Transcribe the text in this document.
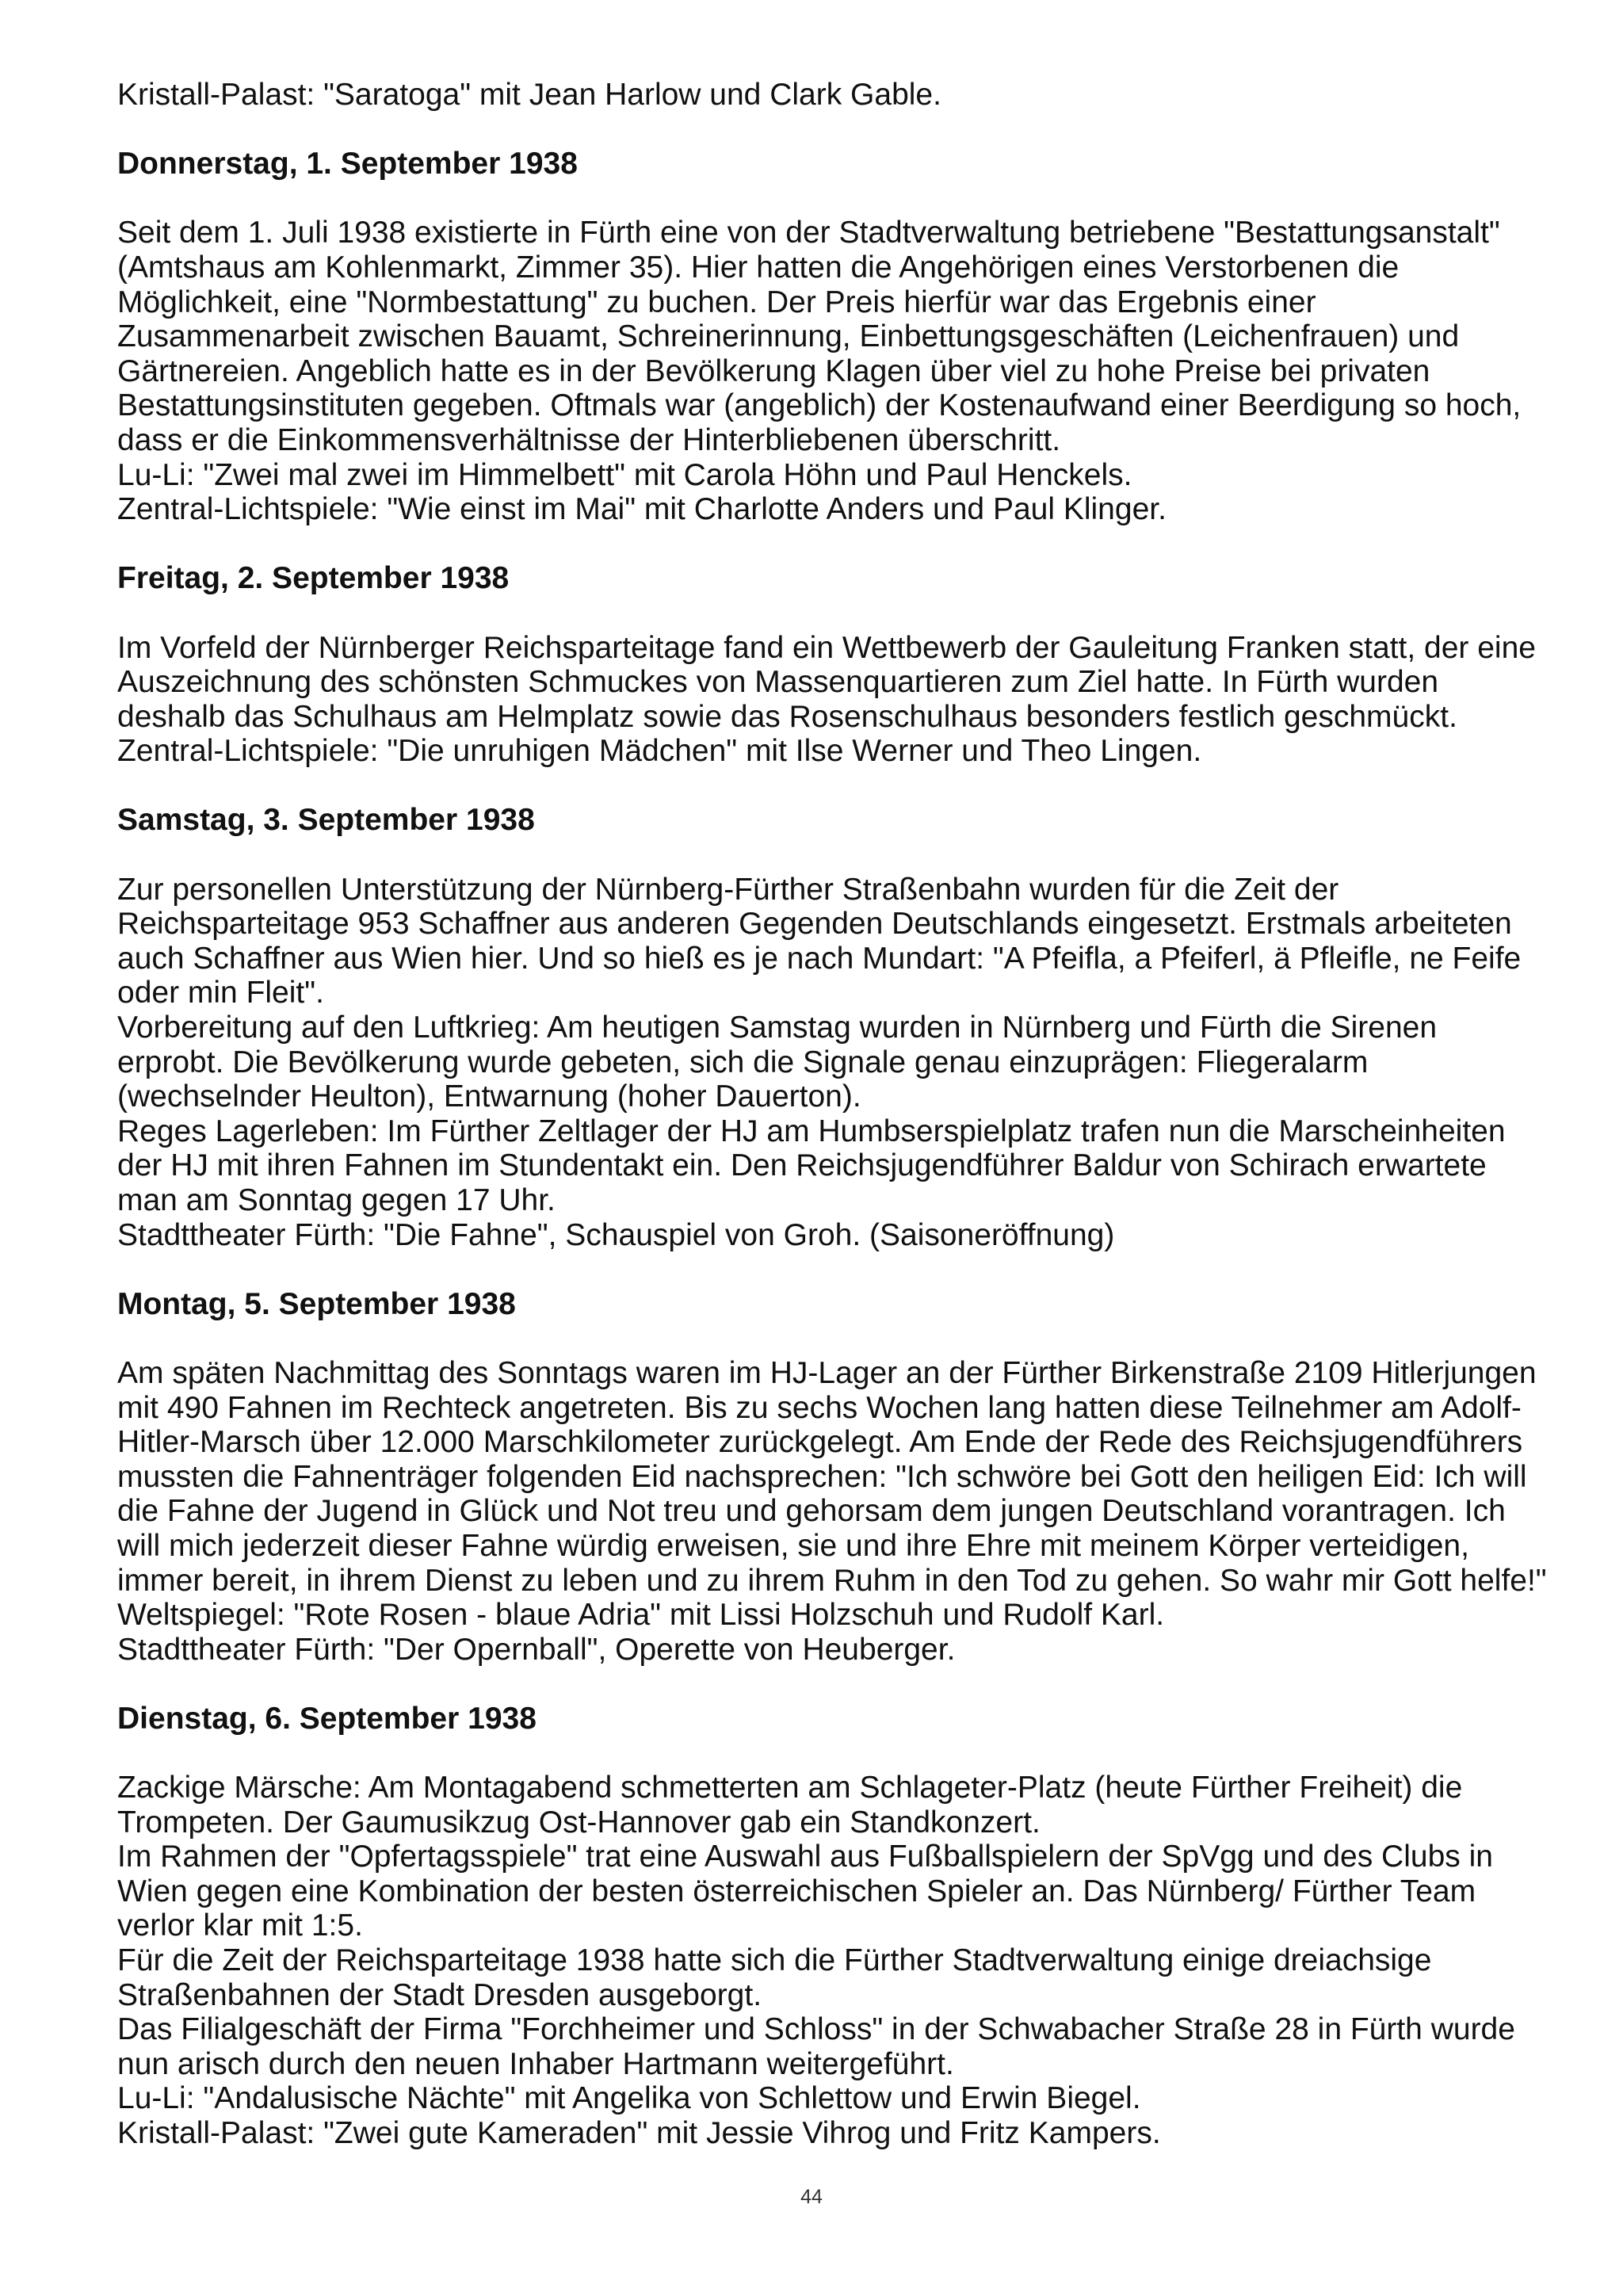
Kristall-Palast: "Saratoga" mit Jean Harlow und Clark Gable.

Donnerstag, 1. September 1938

Seit dem 1. Juli 1938 existierte in Fürth eine von der Stadtverwaltung betriebene "Bestattungsanstalt"
(Amtshaus am Kohlenmarkt, Zimmer 35). Hier hatten die Angehörigen eines Verstorbenen die
Möglichkeit, eine "Normbestattung" zu buchen. Der Preis hierfür war das Ergebnis einer
Zusammenarbeit zwischen Bauamt, Schreinerinnung, Einbettungsgeschäften (Leichenfrauen) und
Gärtnereien. Angeblich hatte es in der Bevölkerung Klagen über viel zu hohe Preise bei privaten
Bestattungsinstituten gegeben. Oftmals war (angeblich) der Kostenaufwand einer Beerdigung so hoch,
dass er die Einkommensverhältnisse der Hinterbliebenen überschritt.
Lu-Li: "Zwei mal zwei im Himmelbett" mit Carola Höhn und Paul Henckels.
Zentral-Lichtspiele: "Wie einst im Mai" mit Charlotte Anders und Paul Klinger.

Freitag, 2. September 1938

Im Vorfeld der Nürnberger Reichsparteitage fand ein Wettbewerb der Gauleitung Franken statt, der eine
Auszeichnung des schönsten Schmuckes von Massenquartieren zum Ziel hatte. In Fürth wurden
deshalb das Schulhaus am Helmplatz sowie das Rosenschulhaus besonders festlich geschmückt.
Zentral-Lichtspiele: "Die unruhigen Mädchen" mit Ilse Werner und Theo Lingen.

Samstag, 3. September 1938

Zur personellen Unterstützung der Nürnberg-Fürther Straßenbahn wurden für die Zeit der
Reichsparteitage 953 Schaffner aus anderen Gegenden Deutschlands eingesetzt. Erstmals arbeiteten
auch Schaffner aus Wien hier. Und so hieß es je nach Mundart: "A Pfeifla, a Pfeiferl, ä Pfleifle, ne Feife
oder min Fleit".
Vorbereitung auf den Luftkrieg: Am heutigen Samstag wurden in Nürnberg und Fürth die Sirenen
erprobt. Die Bevölkerung wurde gebeten, sich die Signale genau einzuprägen: Fliegeralarm
(wechselnder Heulton), Entwarnung (hoher Dauerton).
Reges Lagerleben: Im Fürther Zeltlager der HJ am Humbserspielplatz trafen nun die Marscheinheiten
der HJ mit ihren Fahnen im Stundentakt ein. Den Reichsjugendführer Baldur von Schirach erwartete
man am Sonntag gegen 17 Uhr.
Stadttheater Fürth: "Die Fahne", Schauspiel von Groh. (Saisoneröffnung)

Montag, 5. September 1938

Am späten Nachmittag des Sonntags waren im HJ-Lager an der Fürther Birkenstraße 2109 Hitlerjungen
mit 490 Fahnen im Rechteck angetreten. Bis zu sechs Wochen lang hatten diese Teilnehmer am Adolf-
Hitler-Marsch über 12.000 Marschkilometer zurückgelegt. Am Ende der Rede des Reichsjugendführers
mussten die Fahnenträger folgenden Eid nachsprechen: "Ich schwöre bei Gott den heiligen Eid: Ich will
die Fahne der Jugend in Glück und Not treu und gehorsam dem jungen Deutschland vorantragen. Ich
will mich jederzeit dieser Fahne würdig erweisen, sie und ihre Ehre mit meinem Körper verteidigen,
immer bereit, in ihrem Dienst zu leben und zu ihrem Ruhm in den Tod zu gehen. So wahr mir Gott helfe!"
Weltspiegel: "Rote Rosen - blaue Adria" mit Lissi Holzschuh und Rudolf Karl.
Stadttheater Fürth: "Der Opernball", Operette von Heuberger.

Dienstag, 6. September 1938

Zackige Märsche: Am Montagabend schmetterten am Schlageter-Platz (heute Fürther Freiheit) die
Trompeten. Der Gaumusikzug Ost-Hannover gab ein Standkonzert.
Im Rahmen der "Opfertagsspiele" trat eine Auswahl aus Fußballspielern der SpVgg und des Clubs in
Wien gegen eine Kombination der besten österreichischen Spieler an. Das Nürnberg/ Fürther Team
verlor klar mit 1:5.
Für die Zeit der Reichsparteitage 1938 hatte sich die Fürther Stadtverwaltung einige dreiachsige
Straßenbahnen der Stadt Dresden ausgeborgt.
Das Filialgeschäft der Firma "Forchheimer und Schloss" in der Schwabacher Straße 28 in Fürth wurde
nun arisch durch den neuen Inhaber Hartmann weitergeführt.
Lu-Li: "Andalusische Nächte" mit Angelika von Schlettow und Erwin Biegel.
Kristall-Palast: "Zwei gute Kameraden" mit Jessie Vihrog und Fritz Kampers.

44
